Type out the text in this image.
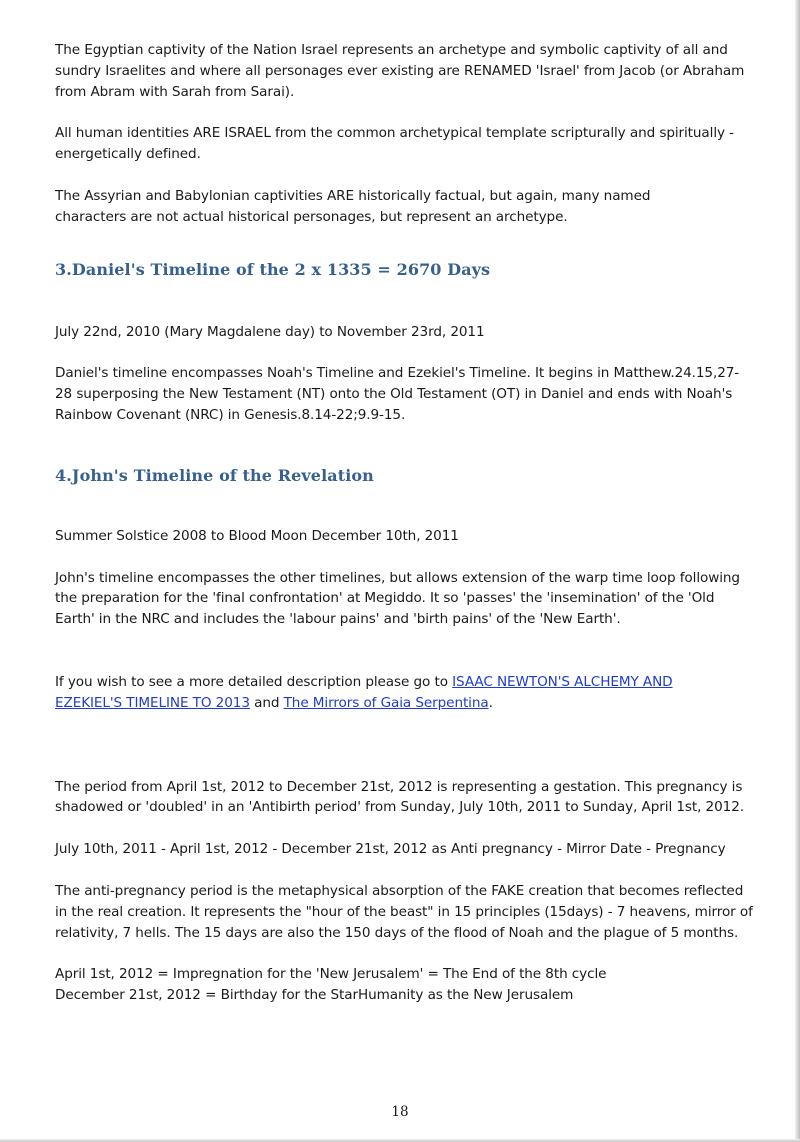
The Egyptian captivity of the Nation Israel represents an archetype and symbolic captivity of all and sundry Israelites and where all personages ever existing are RENAMED 'Israel' from Jacob (or Abraham from Abram with Sarah from Sarai).

All human identities ARE ISRAEL from the common archetypical template scripturally and spiritually - energetically defined.

The Assyrian and Babylonian captivities ARE historically factual, but again, many named characters are not actual historical personages, but represent an archetype.

3.Daniel's Timeline of the 2 x 1335 = 2670 Days

July 22nd, 2010 (Mary Magdalene day) to November 23rd, 2011

Daniel's timeline encompasses Noah's Timeline and Ezekiel's Timeline. It begins in Matthew.24.15,27-28 superposing the New Testament (NT) onto the Old Testament (OT) in Daniel and ends with Noah's Rainbow Covenant (NRC) in Genesis.8.14-22;9.9-15.

4.John's Timeline of the Revelation

Summer Solstice 2008 to Blood Moon December 10th, 2011

John's timeline encompasses the other timelines, but allows extension of the warp time loop following the preparation for the 'final confrontation' at Megiddo. It so 'passes' the 'insemination' of the 'Old Earth' in the NRC and includes the 'labour pains' and 'birth pains' of the 'New Earth'.

If you wish to see a more detailed description please go to ISAAC NEWTON'S ALCHEMY AND EZEKIEL'S TIMELINE TO 2013 and The Mirrors of Gaia Serpentina.

The period from April 1st, 2012 to December 21st, 2012 is representing a gestation. This pregnancy is shadowed or 'doubled' in an 'Antibirth period' from Sunday, July 10th, 2011 to Sunday, April 1st, 2012.

July 10th, 2011 - April 1st, 2012 - December 21st, 2012 as Anti pregnancy - Mirror Date - Pregnancy

The anti-pregnancy period is the metaphysical absorption of the FAKE creation that becomes reflected in the real creation. It represents the "hour of the beast" in 15 principles (15days) - 7 heavens, mirror of relativity, 7 hells. The 15 days are also the 150 days of the flood of Noah and the plague of 5 months.

April 1st, 2012 = Impregnation for the 'New Jerusalem' = The End of the 8th cycle

December 21st, 2012 = Birthday for the StarHumanity as the New Jerusalem

18
